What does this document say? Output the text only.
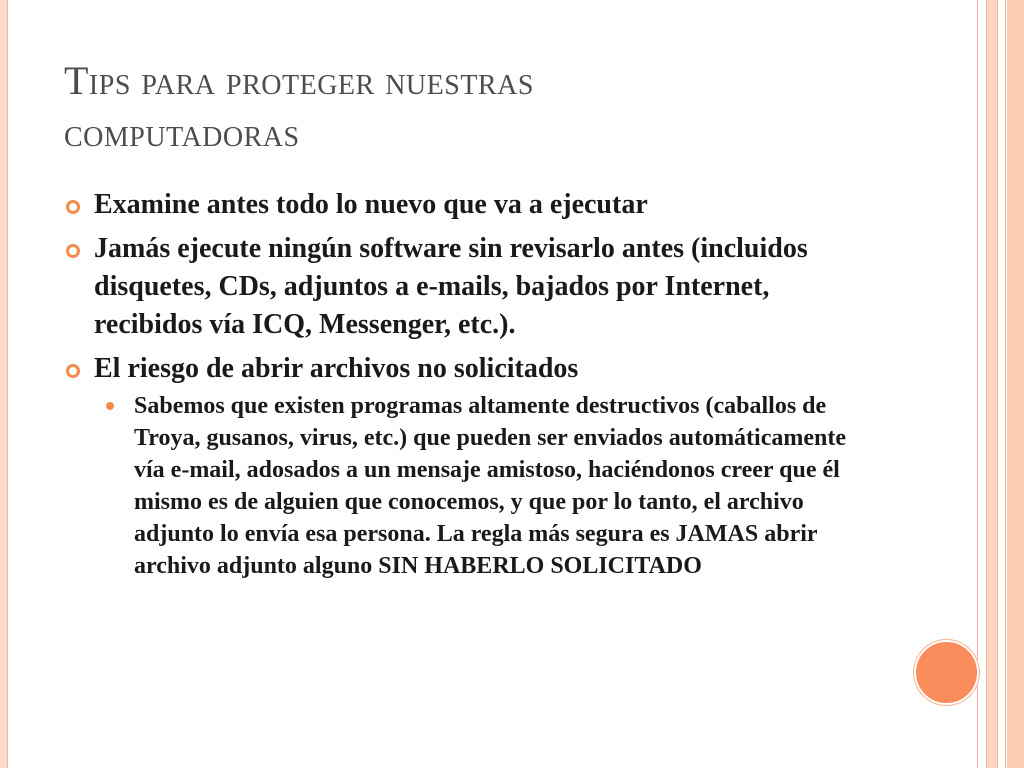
Tips para proteger nuestras
computadoras
Examine antes todo lo nuevo que va a ejecutar
Jamás ejecute ningún software sin revisarlo antes (incluidos disquetes, CDs, adjuntos a e-mails, bajados por Internet, recibidos vía ICQ, Messenger, etc.).
El riesgo de abrir archivos no solicitados
Sabemos que existen programas altamente destructivos (caballos de Troya, gusanos, virus, etc.) que pueden ser enviados automáticamente vía e-mail, adosados a un mensaje amistoso, haciéndonos creer que él mismo es de alguien que conocemos, y que por lo tanto, el archivo adjunto lo envía esa persona. La regla más segura es JAMAS abrir archivo adjunto alguno SIN HABERLO SOLICITADO
